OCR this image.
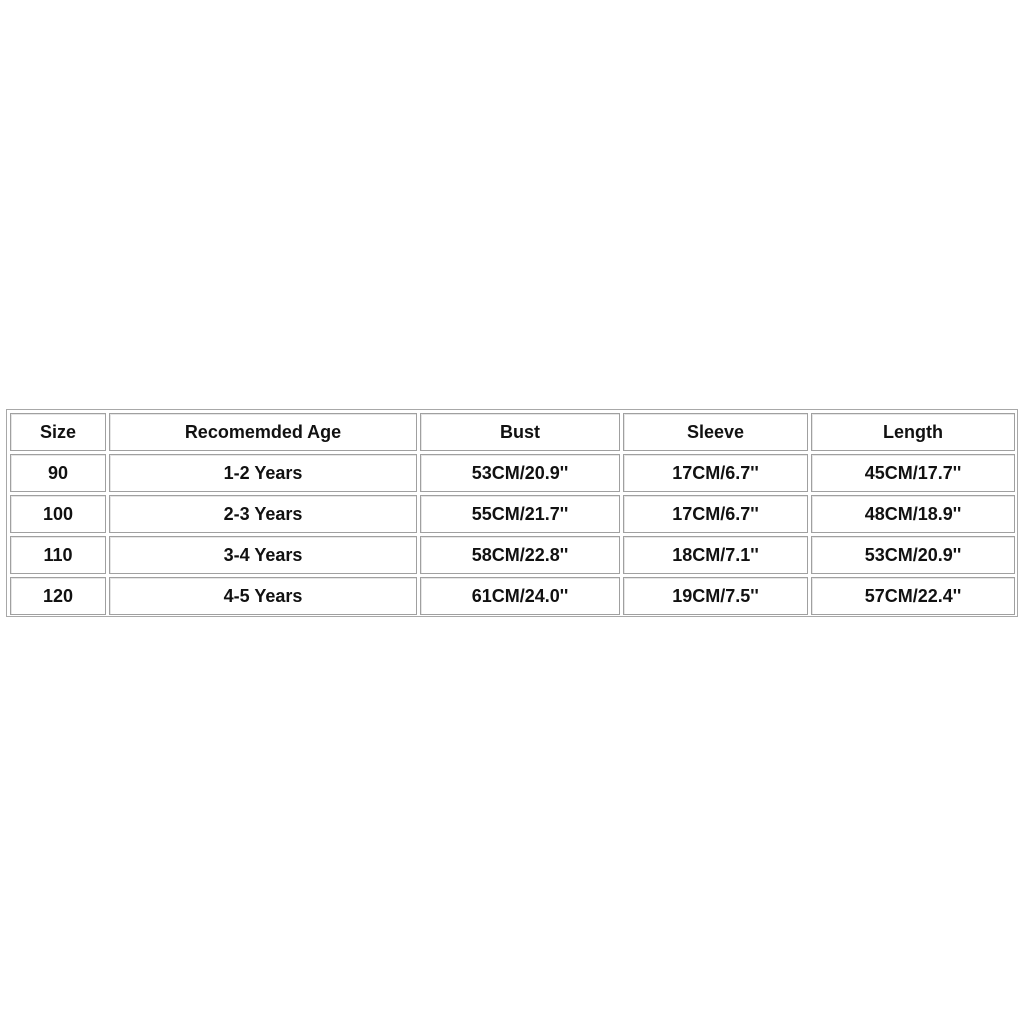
Size	Recomemded Age	Bust	Sleeve	Length
90	1-2 Years	53CM/20.9''	17CM/6.7''	45CM/17.7''
100	2-3 Years	55CM/21.7''	17CM/6.7''	48CM/18.9''
110	3-4 Years	58CM/22.8''	18CM/7.1''	53CM/20.9''
120	4-5 Years	61CM/24.0''	19CM/7.5''	57CM/22.4''
